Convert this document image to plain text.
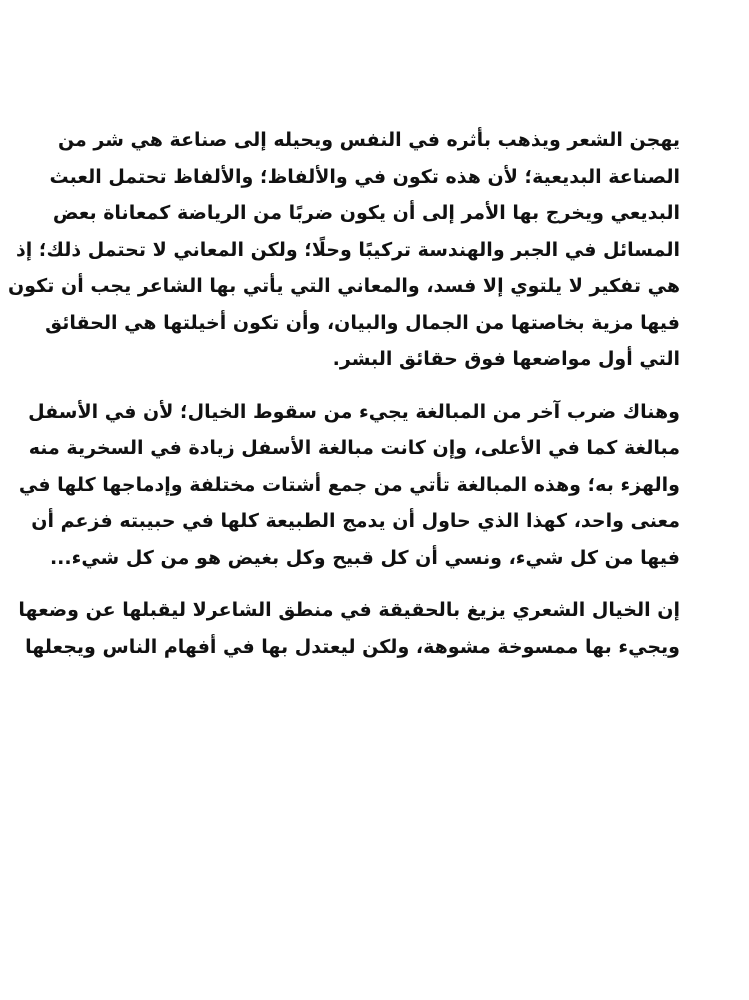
يهجن الشعر ويذهب بأثره في النفس ويحيله إلى صناعة هي شر من
الصناعة البديعية؛ لأن هذه تكون في والألفاظ؛ والألفاظ تحتمل العبث
البديعي ويخرج بها الأمر إلى أن يكون ضربًا من الرياضة كمعاناة بعض
المسائل في الجبر والهندسة تركيبًا وحلًا؛ ولكن المعاني لا تحتمل ذلك؛ إذ
هي تفكير لا يلتوي إلا فسد، والمعاني التي يأتي بها الشاعر يجب أن تكون
فيها مزية بخاصتها من الجمال والبيان، وأن تكون أخيلتها هي الحقائق
التي أول مواضعها فوق حقائق البشر.

وهناك ضرب آخر من المبالغة يجيء من سقوط الخيال؛ لأن في الأسفل
مبالغة كما في الأعلى، وإن كانت مبالغة الأسفل زيادة في السخرية منه
والهزء به؛ وهذه المبالغة تأتي من جمع أشتات مختلفة وإدماجها كلها في
معنى واحد، كهذا الذي حاول أن يدمج الطبيعة كلها في حبيبته فزعم أن
فيها من كل شيء، ونسي أن كل قبيح وكل بغيض هو من كل شيء...

إن الخيال الشعري يزيغ بالحقيقة في منطق الشاعرلا ليقبلها عن وضعها
ويجيء بها ممسوخة مشوهة، ولكن ليعتدل بها في أفهام الناس ويجعلها
